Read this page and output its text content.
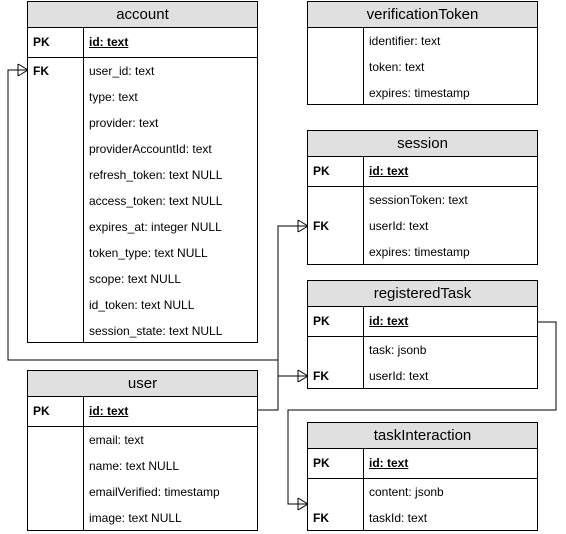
account
PK	id: text
FK	user_id: text
type: text
provider: text
providerAccountId: text
refresh_token: text NULL
access_token: text NULL
expires_at: integer NULL
token_type: text NULL
scope: text NULL
id_token: text NULL
session_state: text NULL
verificationToken
identifier: text
token: text
expires: timestamp
session
PK	id: text
sessionToken: text
FK	userId: text
expires: timestamp
registeredTask
PK	id: text
task: jsonb
FK	userId: text
user
PK	id: text
email: text
name: text NULL
emailVerified: timestamp
image: text NULL
taskInteraction
PK	id: text
content: jsonb
FK	taskId: text
